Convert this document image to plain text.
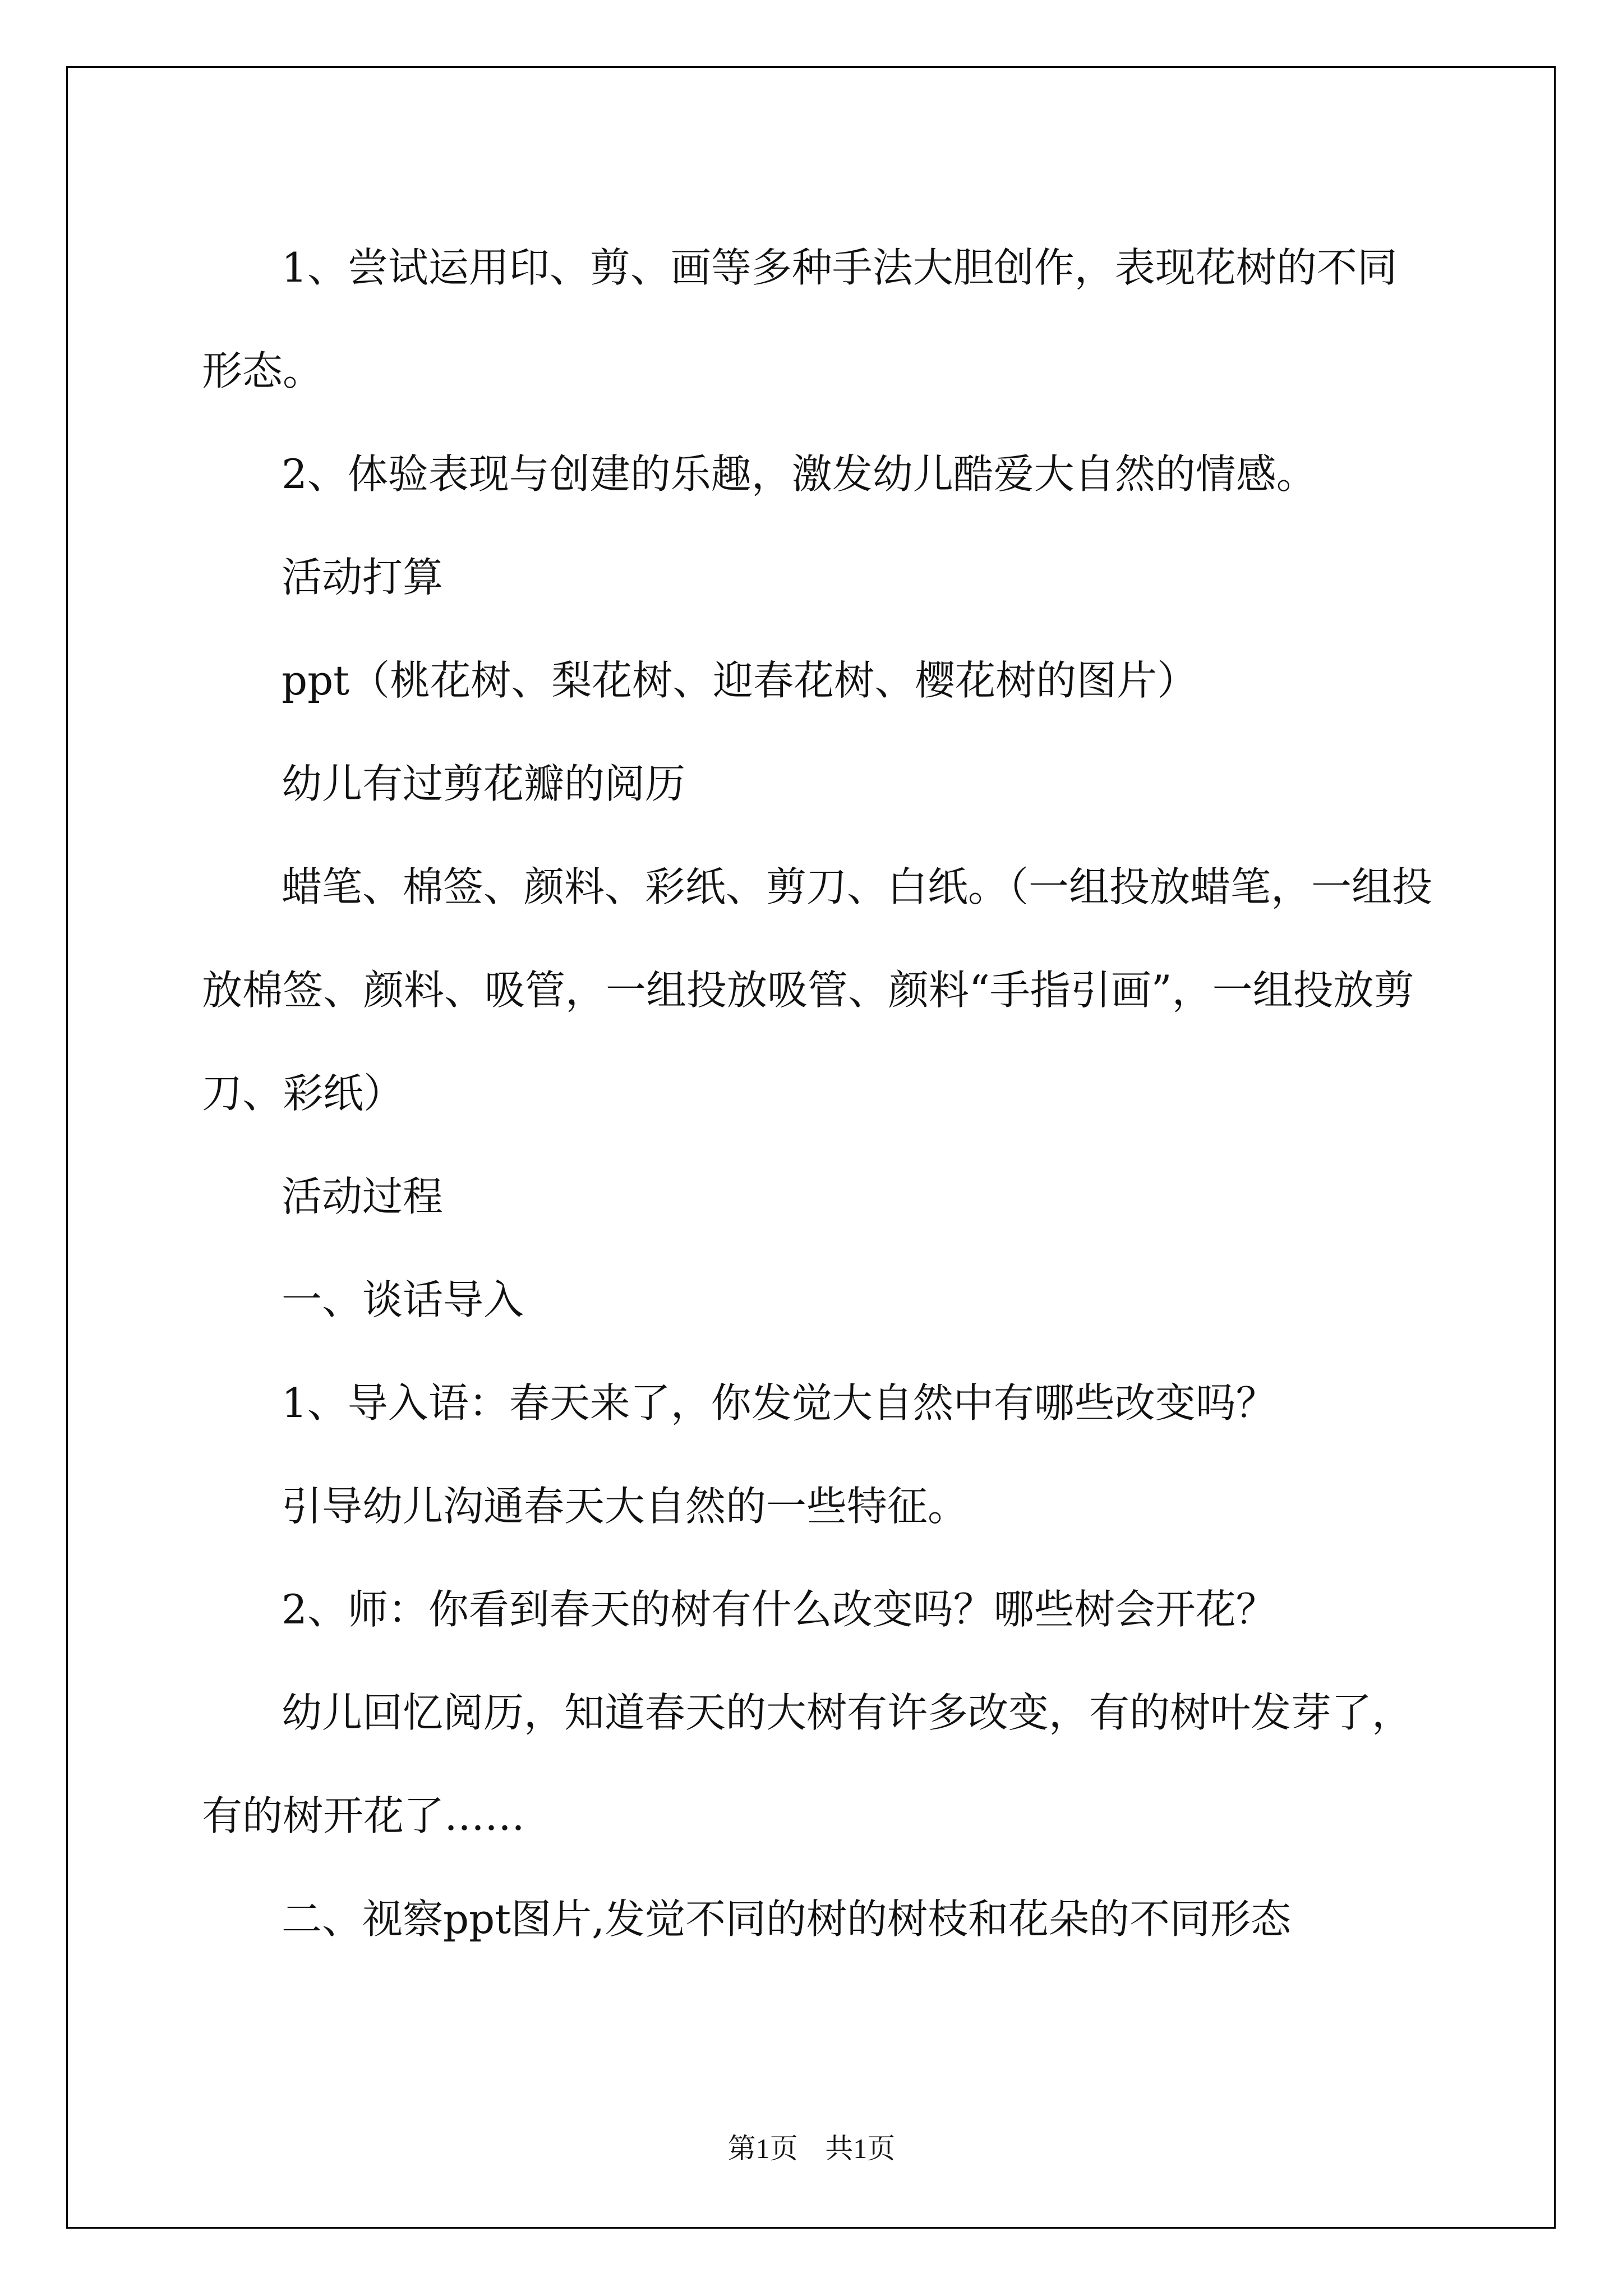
1、尝试运用印、剪、画等多种手法大胆创作，表现花树的不同形态。

2、体验表现与创建的乐趣，激发幼儿酷爱大自然的情感。

活动打算

ppt（桃花树、梨花树、迎春花树、樱花树的图片）

幼儿有过剪花瓣的阅历

蜡笔、棉签、颜料、彩纸、剪刀、白纸。（一组投放蜡笔，一组投放棉签、颜料、吸管，一组投放吸管、颜料“手指引画”，一组投放剪刀、彩纸）

活动过程

一、谈话导入

1、导入语：春天来了，你发觉大自然中有哪些改变吗？

引导幼儿沟通春天大自然的一些特征。

2、师：你看到春天的树有什么改变吗？哪些树会开花？

幼儿回忆阅历，知道春天的大树有许多改变，有的树叶发芽了，有的树开花了……

二、视察ppt图片,发觉不同的树的树枝和花朵的不同形态

第1页 共1页
